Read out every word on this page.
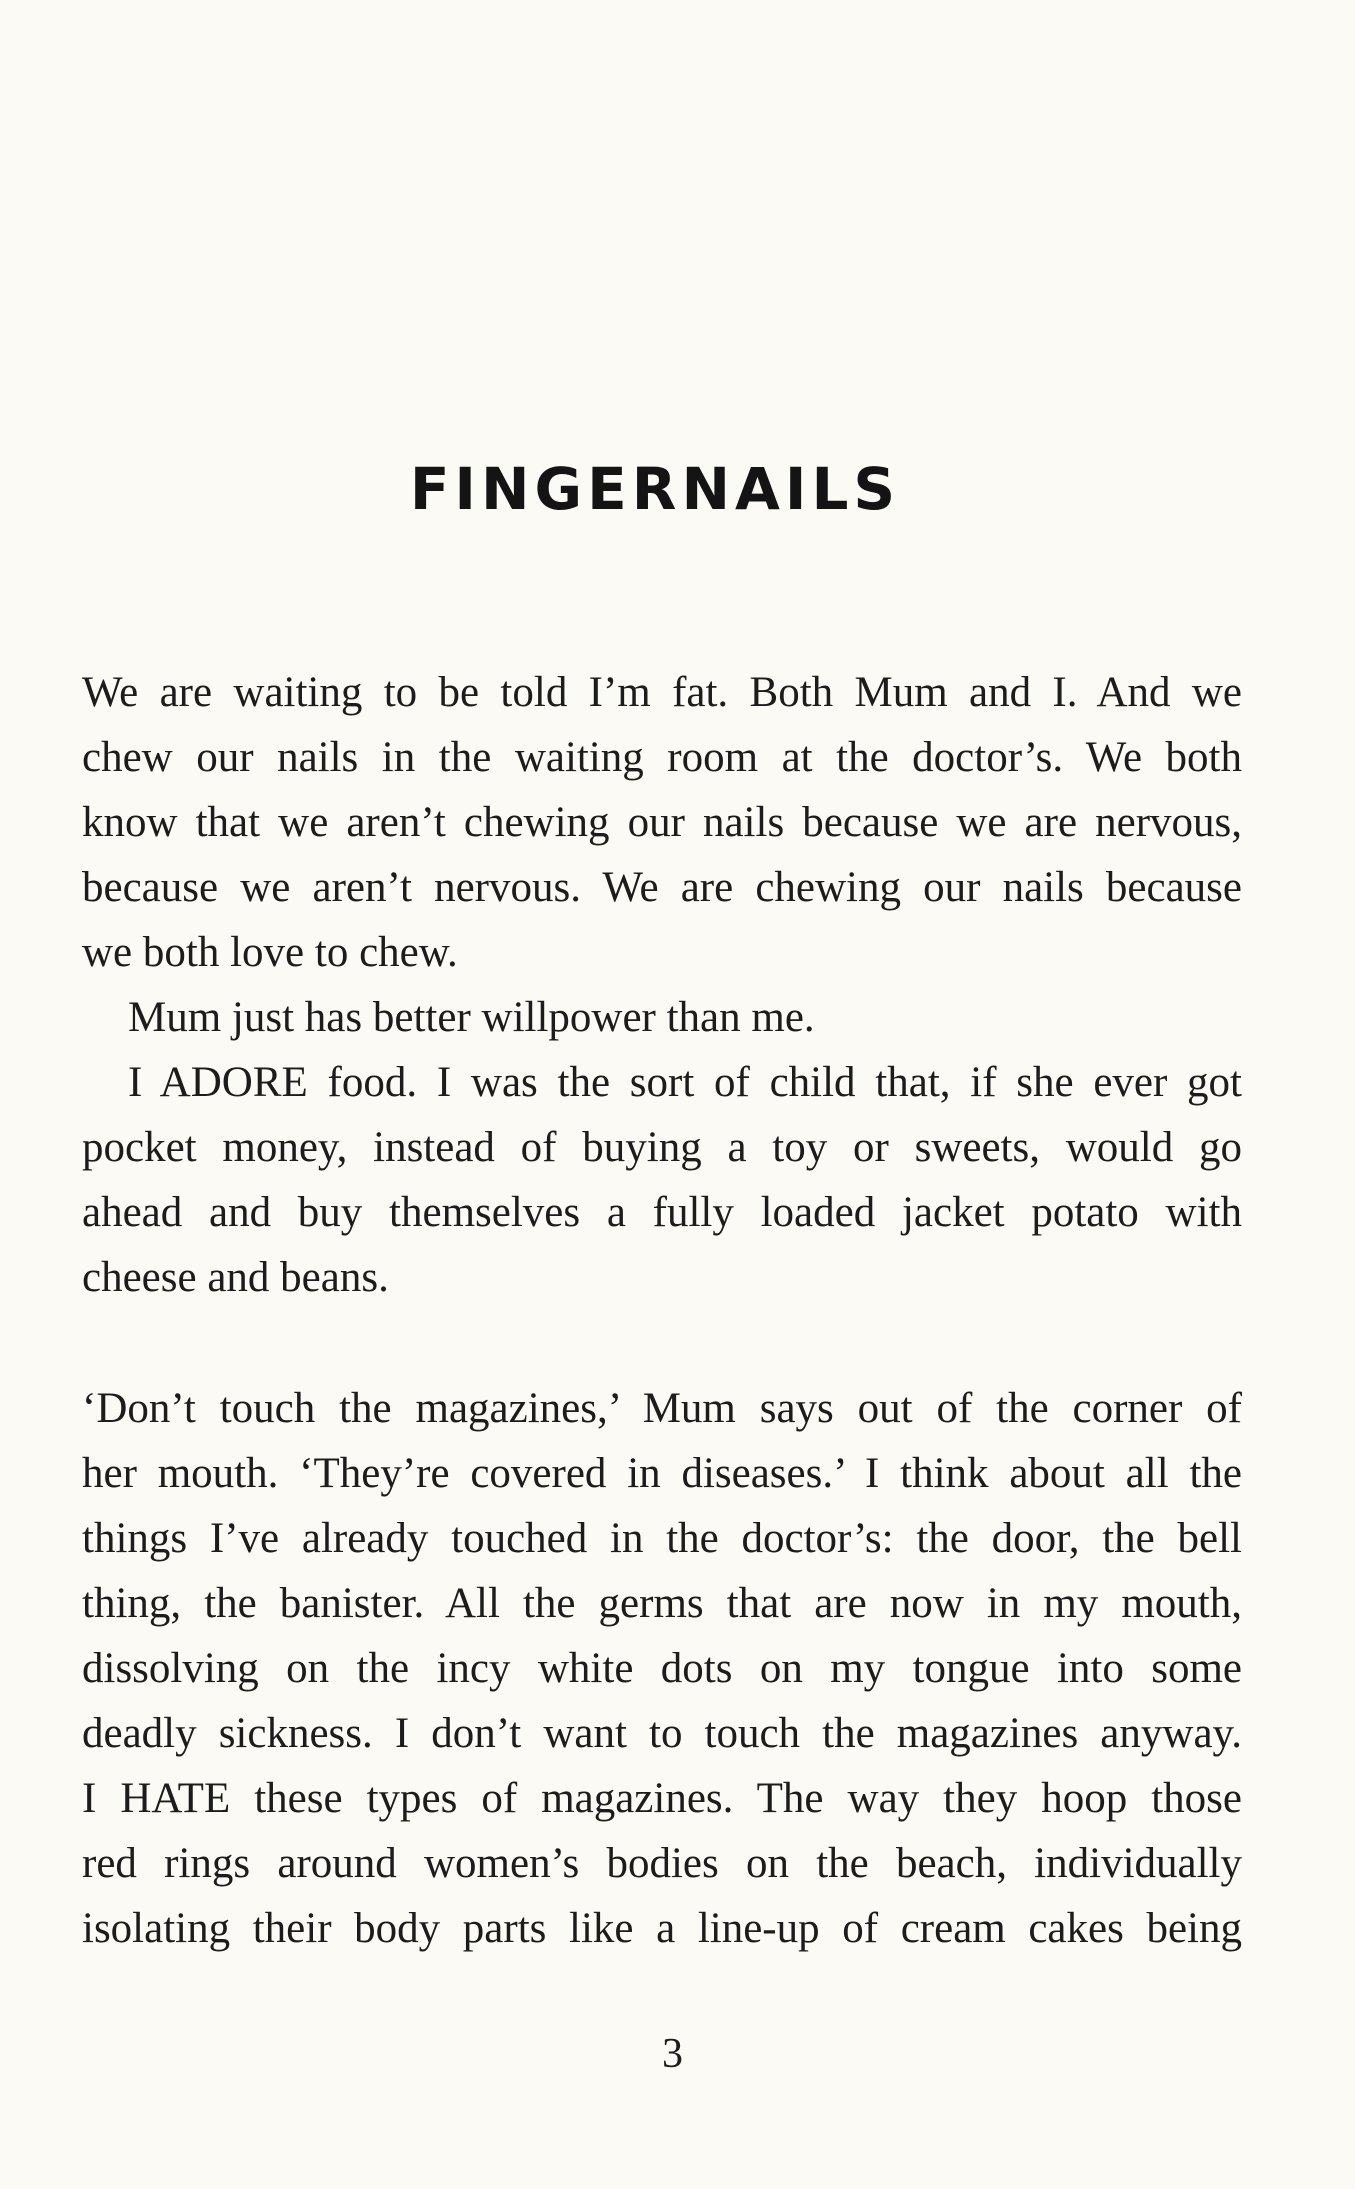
FINGERNAILS
We are waiting to be told I’m fat. Both Mum and I. And we
chew our nails in the waiting room at the doctor’s. We both
know that we aren’t chewing our nails because we are nervous,
because we aren’t nervous. We are chewing our nails because
we both love to chew.
Mum just has better willpower than me.
I ADORE food. I was the sort of child that, if she ever got
pocket money, instead of buying a toy or sweets, would go
ahead and buy themselves a fully loaded jacket potato with
cheese and beans.
‘Don’t touch the magazines,’ Mum says out of the corner of
her mouth. ‘They’re covered in diseases.’ I think about all the
things I’ve already touched in the doctor’s: the door, the bell
thing, the banister. All the germs that are now in my mouth,
dissolving on the incy white dots on my tongue into some
deadly sickness. I don’t want to touch the magazines anyway.
I HATE these types of magazines. The way they hoop those
red rings around women’s bodies on the beach, individually
isolating their body parts like a line-up of cream cakes being
3
